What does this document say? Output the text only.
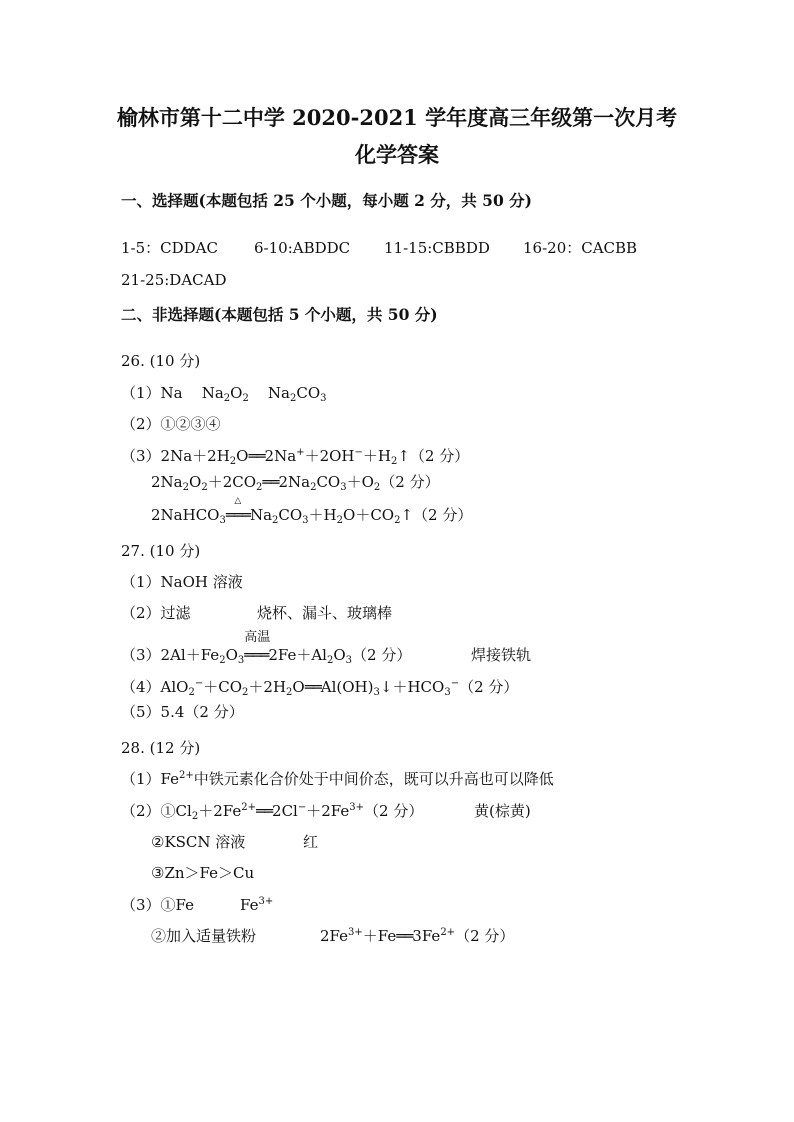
榆林市第十二中学 2020-2021 学年度高三年级第一次月考
化学答案
一、选择题(本题包括 25 个小题，每小题 2 分，共 50 分)
1-5：CDDAC 6-10:ABDDC 11-15:CBBDD 16-20：CACBB
21-25:DACAD
二、非选择题(本题包括 5 个小题，共 50 分)
26. (10 分)
（1）Na $Na_2O_2$ $Na_2CO_3$
（2）①②③④
$(3)2Na+2H_2O══2Na^++2OH^-+H_2↑(2$ 分）
$2Na_2O_2+2CO_2══2Na_2CO_3+O_2(2$ 分）
2NaHCO$_3$
△
$═══Na_2CO_3+H_2O+CO_2↑(2$ 分）
27. (10 分)
（1）NaOH 溶液
（2）过滤	烧杯、漏斗、玻璃棒
$(3)2Al+Fe_2O_3$
高温
$═══2Fe+Al_2O_3(2$ 分）	焊接铁轨
$(4)AlO_2^-+CO_2+2H_2O══Al(OH)_3↓+HCO_3^-(2$ 分）
（5）5.4（2 分）
28. (12 分)
$(1)Fe^{2+}$中铁元素化合价处于中间价态，既可以升高也可以降低
$(2)①Cl_2+2Fe^{2+}══2Cl^-+2Fe^{3+}(2$ 分）	黄(棕黄)
②KSCN 溶液	红
③Zn＞Fe＞Cu
（3）①Fe	$Fe^{3+}$
②加入适量铁粉	$2Fe^{3+}+Fe══3Fe^{2+}(2$ 分）
